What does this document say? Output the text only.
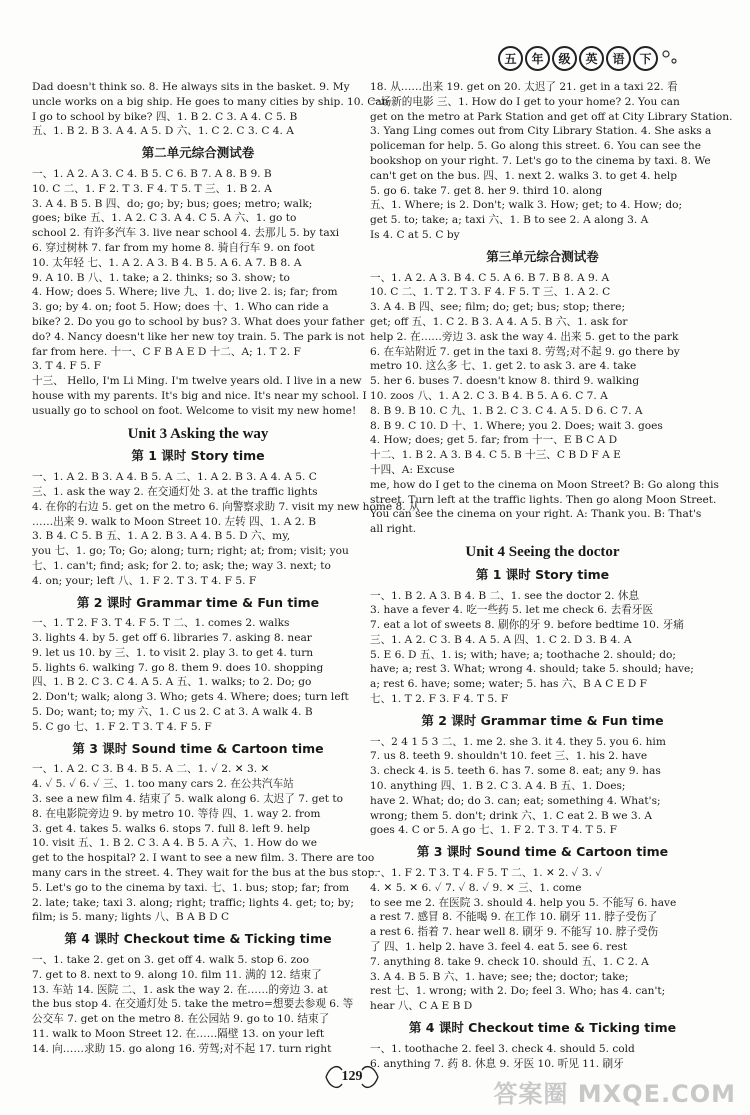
五	年	级	英	语	下
Dad doesn't think so. 8. He always sits in the basket. 9. My
uncle works on a big ship. He goes to many cities by ship. 10. Can
I go to school by bike? 四、1. B 2. C 3. A 4. C 5. B
五、1. B 2. B 3. A 4. A 5. D 六、1. C 2. C 3. C 4. A
第二单元综合测试卷
一、1. A 2. A 3. C 4. B 5. C 6. B 7. A 8. B 9. B
10. C 二、1. F 2. T 3. F 4. T 5. T 三、1. B 2. A
3. A 4. B 5. B 四、do; go; by; bus; goes; metro; walk;
goes; bike 五、1. A 2. C 3. A 4. C 5. A 六、1. go to
school 2. 有许多汽车 3. live near school 4. 去那儿 5. by taxi
6. 穿过树林 7. far from my home 8. 骑自行车 9. on foot
10. 太年轻 七、1. A 2. A 3. B 4. B 5. A 6. A 7. B 8. A
9. A 10. B 八、1. take; a 2. thinks; so 3. show; to
4. How; does 5. Where; live 九、1. do; live 2. is; far; from
3. go; by 4. on; foot 5. How; does 十、1. Who can ride a
bike? 2. Do you go to school by bus? 3. What does your father
do? 4. Nancy doesn't like her new toy train. 5. The park is not
far from here. 十一、C F B A E D 十二、A; 1. T 2. F
3. T 4. F 5. F
十三、 Hello, I'm Li Ming. I'm twelve years old. I live in a new
house with my parents. It's big and nice. It's near my school. I
usually go to school on foot. Welcome to visit my new home!
Unit 3 Asking the way
第 1 课时 Story time
一、1. A 2. B 3. A 4. B 5. A 二、1. A 2. B 3. A 4. A 5. C
三、1. ask the way 2. 在交通灯处 3. at the traffic lights
4. 在你的右边 5. get on the metro 6. 向警察求助 7. visit my new home 8. 从
……出来 9. walk to Moon Street 10. 左转 四、1. A 2. B
3. B 4. C 5. B 五、1. A 2. B 3. A 4. B 5. D 六、my,
you 七、1. go; To; Go; along; turn; right; at; from; visit; you
七、1. can't; find; ask; for 2. to; ask; the; way 3. next; to
4. on; your; left 八、1. F 2. T 3. T 4. F 5. F
第 2 课时 Grammar time & Fun time
一、1. T 2. F 3. T 4. F 5. T 二、1. comes 2. walks
3. lights 4. by 5. get off 6. libraries 7. asking 8. near
9. let us 10. by 三、1. to visit 2. play 3. to get 4. turn
5. lights 6. walking 7. go 8. them 9. does 10. shopping
四、1. B 2. C 3. C 4. A 5. A 五、1. walks; to 2. Do; go
2. Don't; walk; along 3. Who; gets 4. Where; does; turn left
5. Do; want; to; my 六、1. C us 2. C at 3. A walk 4. B
5. C go 七、1. F 2. T 3. T 4. F 5. F
第 3 课时 Sound time & Cartoon time
一、1. A 2. C 3. B 4. B 5. A 二、1. ✓ 2. ✕ 3. ✕
4. ✓ 5. ✓ 6. ✓ 三、1. too many cars 2. 在公共汽车站
3. see a new film 4. 结束了 5. walk along 6. 太迟了 7. get to
8. 在电影院旁边 9. by metro 10. 等待 四、1. way 2. from
3. get 4. takes 5. walks 6. stops 7. full 8. left 9. help
10. visit 五、1. B 2. C 3. A 4. B 5. A 六、1. How do we
get to the hospital? 2. I want to see a new film. 3. There are too
many cars in the street. 4. They wait for the bus at the bus stop.
5. Let's go to the cinema by taxi. 七、1. bus; stop; far; from
2. late; take; taxi 3. along; right; traffic; lights 4. get; to; by;
film; is 5. many; lights 八、B A B D C
第 4 课时 Checkout time & Ticking time
一、1. take 2. get on 3. get off 4. walk 5. stop 6. zoo
7. get to 8. next to 9. along 10. film 11. 满的 12. 结束了
13. 车站 14. 医院 二、1. ask the way 2. 在……的旁边 3. at
the bus stop 4. 在交通灯处 5. take the metro=想要去参观 6. 等
公交车 7. get on the metro 8. 在公园站 9. go to 10. 结束了
11. walk to Moon Street 12. 在……隔壁 13. on your left
14. 向……求助 15. go along 16. 劳驾;对不起 17. turn right
18. 从……出来 19. get on 20. 太迟了 21. get in a taxi 22. 看
一场新的电影 三、1. How do I get to your home? 2. You can
get on the metro at Park Station and get off at City Library Station.
3. Yang Ling comes out from City Library Station. 4. She asks a
policeman for help. 5. Go along this street. 6. You can see the
bookshop on your right. 7. Let's go to the cinema by taxi. 8. We
can't get on the bus. 四、1. next 2. walks 3. to get 4. help
5. go 6. take 7. get 8. her 9. third 10. along
五、1. Where; is 2. Don't; walk 3. How; get; to 4. How; do;
get 5. to; take; a; taxi 六、1. B to see 2. A along 3. A
Is 4. C at 5. C by
第三单元综合测试卷
一、1. A 2. A 3. B 4. C 5. A 6. B 7. B 8. A 9. A
10. C 二、1. T 2. T 3. F 4. F 5. T 三、1. A 2. C
3. A 4. B 四、see; film; do; get; bus; stop; there;
get; off 五、1. C 2. B 3. A 4. A 5. B 六、1. ask for
help 2. 在……旁边 3. ask the way 4. 出来 5. get to the park
6. 在车站附近 7. get in the taxi 8. 劳驾;对不起 9. go there by
metro 10. 这么多 七、1. get 2. to ask 3. are 4. take
5. her 6. buses 7. doesn't know 8. third 9. walking
10. zoos 八、1. A 2. C 3. B 4. B 5. A 6. C 7. A
8. B 9. B 10. C 九、1. B 2. C 3. C 4. A 5. D 6. C 7. A
8. B 9. C 10. D 十、1. Where; you 2. Does; wait 3. goes
4. How; does; get 5. far; from 十一、E B C A D
十二、1. B 2. A 3. B 4. C 5. B 十三、C B D F A E
十四、A: Excuse
me, how do I get to the cinema on Moon Street? B: Go along this
street. Turn left at the traffic lights. Then go along Moon Street.
You can see the cinema on your right. A: Thank you. B: That's
all right.
Unit 4 Seeing the doctor
第 1 课时 Story time
一、1. B 2. A 3. B 4. B 二、1. see the doctor 2. 休息
3. have a fever 4. 吃一些药 5. let me check 6. 去看牙医
7. eat a lot of sweets 8. 刷你的牙 9. before bedtime 10. 牙痛
三、1. A 2. C 3. B 4. A 5. A 四、1. C 2. D 3. B 4. A
5. E 6. D 五、1. is; with; have; a; toothache 2. should; do;
have; a; rest 3. What; wrong 4. should; take 5. should; have;
a; rest 6. have; some; water; 5. has 六、B A C E D F
七、1. T 2. F 3. F 4. T 5. F
第 2 课时 Grammar time & Fun time
一、2 4 1 5 3 二、1. me 2. she 3. it 4. they 5. you 6. him
7. us 8. teeth 9. shouldn't 10. feet 三、1. his 2. have
3. check 4. is 5. teeth 6. has 7. some 8. eat; any 9. has
10. anything 四、1. B 2. C 3. A 4. B 五、1. Does;
have 2. What; do; do 3. can; eat; something 4. What's;
wrong; them 5. don't; drink 六、1. C eat 2. B we 3. A
goes 4. C or 5. A go 七、1. F 2. T 3. T 4. T 5. F
第 3 课时 Sound time & Cartoon time
一、1. F 2. T 3. T 4. F 5. T 二、1. ✕ 2. ✓ 3. ✓
4. ✕ 5. ✕ 6. ✓ 7. ✓ 8. ✓ 9. ✕ 三、1. come
to see me 2. 在医院 3. should 4. help you 5. 不能写 6. have
a rest 7. 感冒 8. 不能喝 9. 在工作 10. 刷牙 11. 脖子受伤了
a rest 6. 指着 7. hear well 8. 刷牙 9. 不能写 10. 脖子受伤
了 四、1. help 2. have 3. feel 4. eat 5. see 6. rest
7. anything 8. take 9. check 10. should 五、1. C 2. A
3. A 4. B 5. B 六、1. have; see; the; doctor; take;
rest 七、1. wrong; with 2. Do; feel 3. Who; has 4. can't;
hear 八、C A E B D
第 4 课时 Checkout time & Ticking time
一、1. toothache 2. feel 3. check 4. should 5. cold
6. anything 7. 药 8. 休息 9. 牙医 10. 听见 11. 刷牙
129
答案圈 MXQE.COM
